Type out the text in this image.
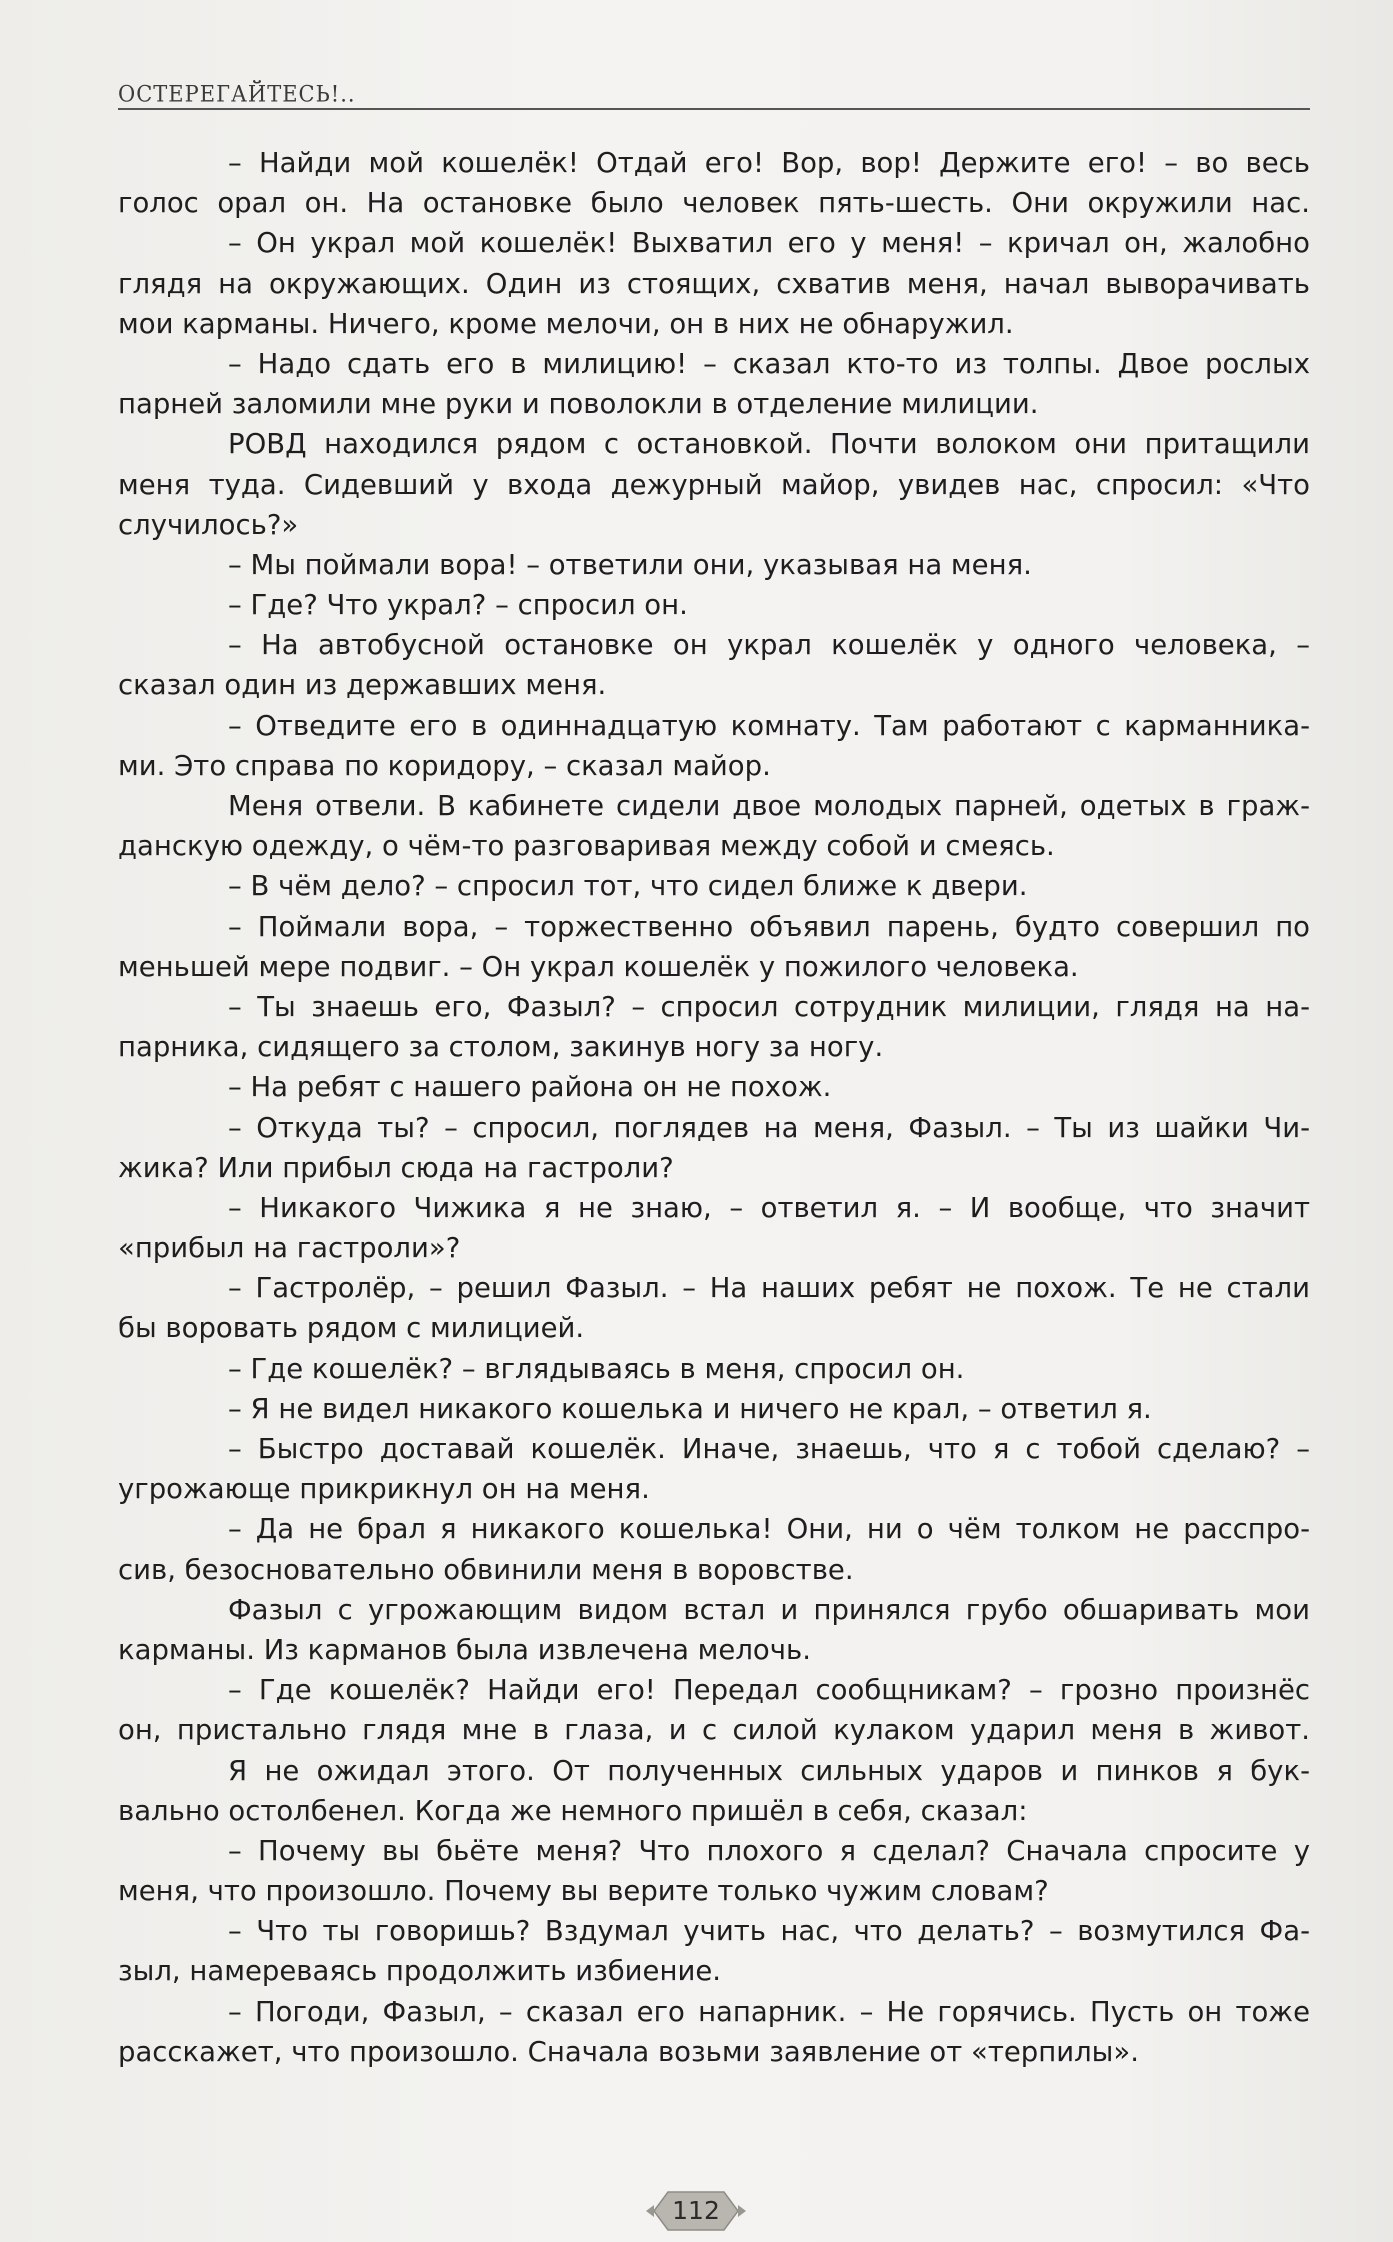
ОСТЕРЕГАЙТЕСЬ!..
– Найди мой кошелёк! Отдай его! Вор, вор! Держите его! – во весь
голос орал он. На остановке было человек пять-шесть. Они окружили нас.
– Он украл мой кошелёк! Выхватил его у меня! – кричал он, жалобно
глядя на окружающих. Один из стоящих, схватив меня, начал выворачивать
мои карманы. Ничего, кроме мелочи, он в них не обнаружил.
– Надо сдать его в милицию! – сказал кто-то из толпы. Двое рослых
парней заломили мне руки и поволокли в отделение милиции.
РОВД находился рядом с остановкой. Почти волоком они притащили
меня туда. Сидевший у входа дежурный майор, увидев нас, спросил: «Что
случилось?»
– Мы поймали вора! – ответили они, указывая на меня.
– Где? Что украл? – спросил он.
– На автобусной остановке он украл кошелёк у одного человека, –
сказал один из державших меня.
– Отведите его в одиннадцатую комнату. Там работают с карманника-
ми. Это справа по коридору, – сказал майор.
Меня отвели. В кабинете сидели двое молодых парней, одетых в граж-
данскую одежду, о чём-то разговаривая между собой и смеясь.
– В чём дело? – спросил тот, что сидел ближе к двери.
– Поймали вора, – торжественно объявил парень, будто совершил по
меньшей мере подвиг. – Он украл кошелёк у пожилого человека.
– Ты знаешь его, Фазыл? – спросил сотрудник милиции, глядя на на-
парника, сидящего за столом, закинув ногу за ногу.
– На ребят с нашего района он не похож.
– Откуда ты? – спросил, поглядев на меня, Фазыл. – Ты из шайки Чи-
жика? Или прибыл сюда на гастроли?
– Никакого Чижика я не знаю, – ответил я. – И вообще, что значит
«прибыл на гастроли»?
– Гастролёр, – решил Фазыл. – На наших ребят не похож. Те не стали
бы воровать рядом с милицией.
– Где кошелёк? – вглядываясь в меня, спросил он.
– Я не видел никакого кошелька и ничего не крал, – ответил я.
– Быстро доставай кошелёк. Иначе, знаешь, что я с тобой сделаю? –
угрожающе прикрикнул он на меня.
– Да не брал я никакого кошелька! Они, ни о чём толком не расспро-
сив, безосновательно обвинили меня в воровстве.
Фазыл с угрожающим видом встал и принялся грубо обшаривать мои
карманы. Из карманов была извлечена мелочь.
– Где кошелёк? Найди его! Передал сообщникам? – грозно произнёс
он, пристально глядя мне в глаза, и с силой кулаком ударил меня в живот.
Я не ожидал этого. От полученных сильных ударов и пинков я бук-
вально остолбенел. Когда же немного пришёл в себя, сказал:
– Почему вы бьёте меня? Что плохого я сделал? Сначала спросите у
меня, что произошло. Почему вы верите только чужим словам?
– Что ты говоришь? Вздумал учить нас, что делать? – возмутился Фа-
зыл, намереваясь продолжить избиение.
– Погоди, Фазыл, – сказал его напарник. – Не горячись. Пусть он тоже
расскажет, что произошло. Сначала возьми заявление от «терпилы».
112
